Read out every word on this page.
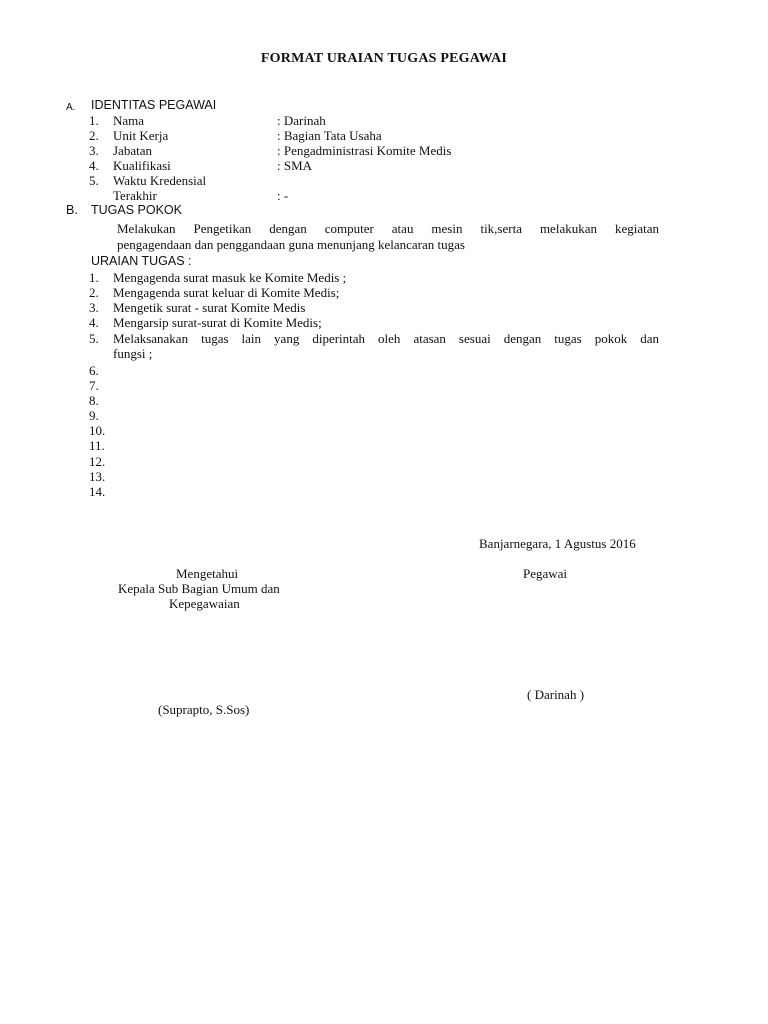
FORMAT URAIAN TUGAS PEGAWAI
A. IDENTITAS PEGAWAI
1.	Nama	: Darinah
2.	Unit Kerja	: Bagian Tata Usaha
3.	Jabatan	: Pengadministrasi Komite Medis
4.	Kualifikasi	: SMA
5.	Waktu Kredensial
Terakhir	: -
B. TUGAS POKOK
Melakukan Pengetikan dengan computer atau mesin tik,serta melakukan kegiatan
pengagendaan dan penggandaan guna menunjang kelancaran tugas
URAIAN TUGAS :
1.	Mengagenda surat masuk ke Komite Medis ;
2.	Mengagenda surat keluar di Komite Medis;
3.	Mengetik surat - surat Komite Medis
4.	Mengarsip surat-surat di Komite Medis;
5.	Melaksanakan tugas lain yang diperintah oleh atasan sesuai dengan tugas pokok dan
fungsi ;
6.
7.
8.
9.
10.
11.
12.
13.
14.
Banjarnegara, 1 Agustus 2016
Mengetahui
Kepala Sub Bagian Umum dan
Kepegawaian
Pegawai
( Darinah )
(Suprapto, S.Sos)
